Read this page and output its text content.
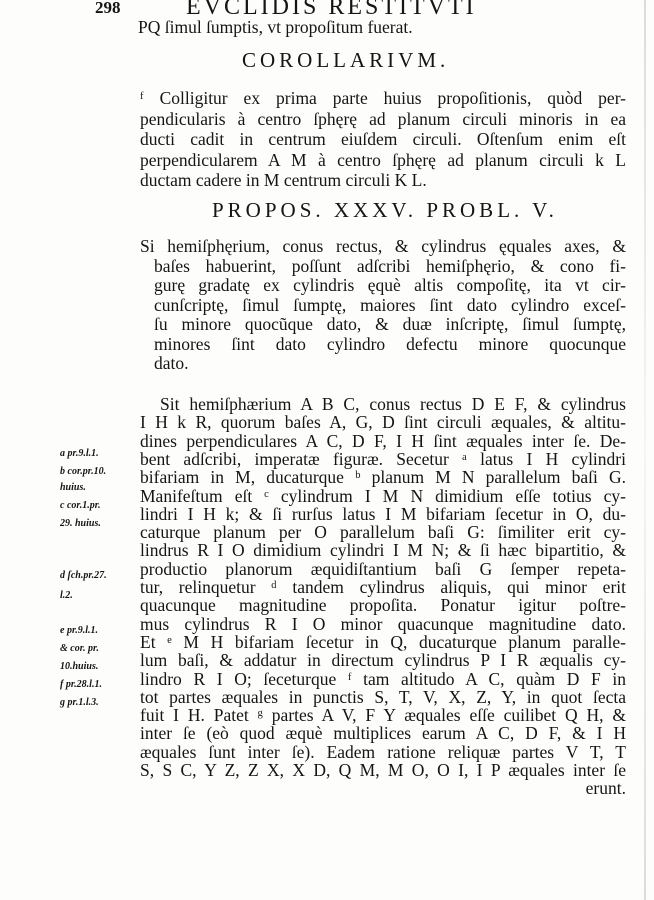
298	EVCLIDIS RESTITVTI
PQ ſimul ſumptis, vt propoſitum fuerat.
COROLLARIVM.
PROPOS. XXXV. PROBL. V.
ᶠ Colligitur ex prima parte huius propoſitionis, quòd per-
pendicularis à centro ſphęrę ad planum circuli minoris in ea
ducti cadit in centrum eiuſdem circuli. Oſtenſum enim eſt
perpendicularem A M à centro ſphęrę ad planum circuli k L
ductam cadere in M centrum circuli K L.
Si hemiſphęrium, conus rectus, & cylindrus ęquales axes, &
baſes habuerint, poſſunt adſcribi hemiſphęrio, & cono fi-
gurę gradatę ex cylindris ęquè altis compoſitę, ita vt cir-
cunſcriptę, ſimul ſumptę, maiores ſint dato cylindro exceſ-
ſu minore quocũque dato, & duæ inſcriptę, ſimul ſumptę,
minores ſint dato cylindro defectu minore quocunque
dato.
Sit hemiſphærium A B C, conus rectus D E F, & cylindrus
I H k R, quorum baſes A, G, D ſint circuli æquales, & altitu-
dines perpendiculares A C, D F, I H ſint æquales inter ſe. De-
bent adſcribi, imperatæ figuræ. Secetur ᵃ latus I H cylindri
bifariam in M, ducaturque ᵇ planum M N parallelum baſi G.
Manifeſtum eſt ᶜ cylindrum I M N dimidium eſſe totius cy-
lindri I H k; & ſi rurſus latus I M bifariam ſecetur in O, du-
caturque planum per O parallelum baſi G: ſimiliter erit cy-
lindrus R I O dimidium cylindri I M N; & ſi hæc bipartitio, &
productio planorum æquidiſtantium baſi G ſemper repeta-
tur, relinquetur ᵈ tandem cylindrus aliquis, qui minor erit
quacunque magnitudine propoſita. Ponatur igitur poſtre-
mus cylindrus R I O minor quacunque magnitudine dato.
Et ᵉ M H bifariam ſecetur in Q, ducaturque planum paralle-
lum baſi, & addatur in directum cylindrus P I R æqualis cy-
lindro R I O; ſeceturque ᶠ tam altitudo A C, quàm D F in
tot partes æquales in punctis S, T, V, X, Z, Y, in quot ſecta
fuit I H. Patet ᵍ partes A V, F Y æquales eſſe cuilibet Q H, &
inter ſe (eò quod æquè multiplices earum A C, D F, & I H
æquales ſunt inter ſe). Eadem ratione reliquæ partes V T, T
S, S C, Y Z, Z X, X D, Q M, M O, O I, I P æquales inter ſe
erunt.
a pr.9.l.1.
b cor.pr.10.
huius.
c cor.1.pr.
29. huius.
d ſch.pr.27.
l.2.
e pr.9.l.1.
& cor. pr.
10.huius.
f pr.28.l.1.
g pr.1.l.3.
